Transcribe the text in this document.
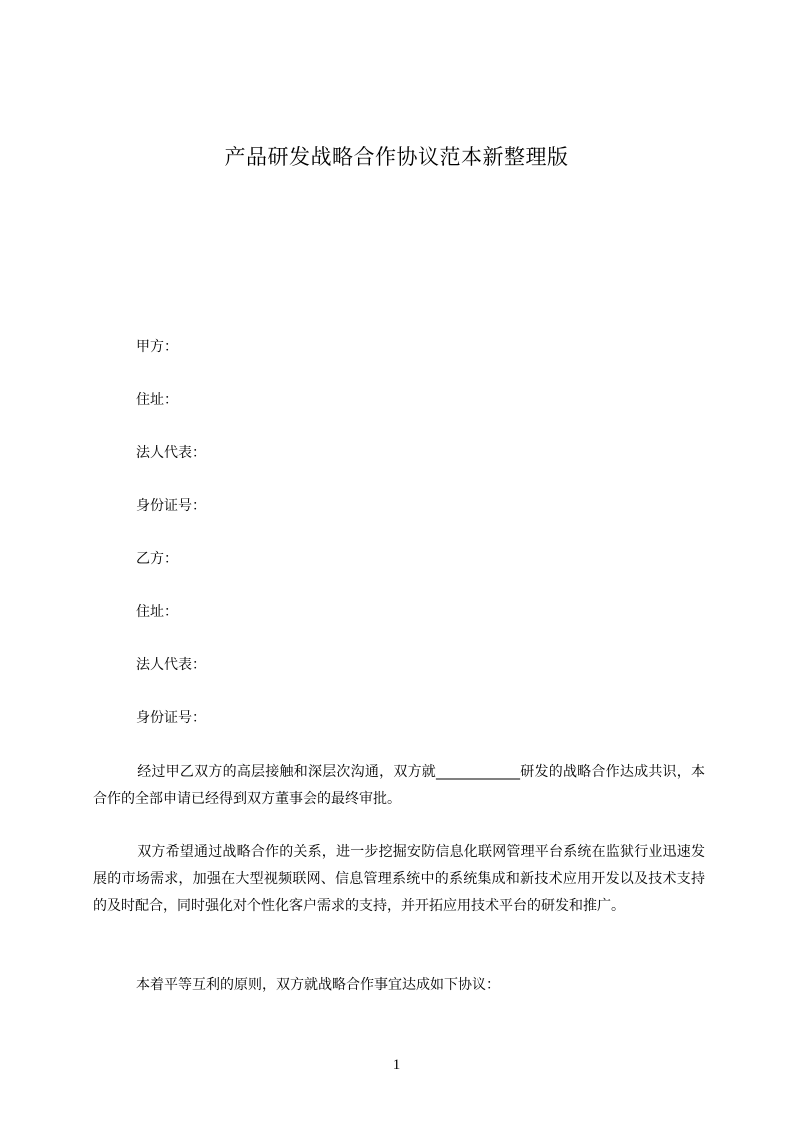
产品研发战略合作协议范本新整理版
甲方：
住址：
法人代表：
身份证号：
乙方：
住址：
法人代表：
身份证号：
经过甲乙双方的高层接触和深层次沟通，双方就____________研发的战略合作达成共识，本合作的全部申请已经得到双方董事会的最终审批。
双方希望通过战略合作的关系，进一步挖掘安防信息化联网管理平台系统在监狱行业迅速发展的市场需求，加强在大型视频联网、信息管理系统中的系统集成和新技术应用开发以及技术支持的及时配合，同时强化对个性化客户需求的支持，并开拓应用技术平台的研发和推广。
本着平等互利的原则，双方就战略合作事宜达成如下协议：
1
